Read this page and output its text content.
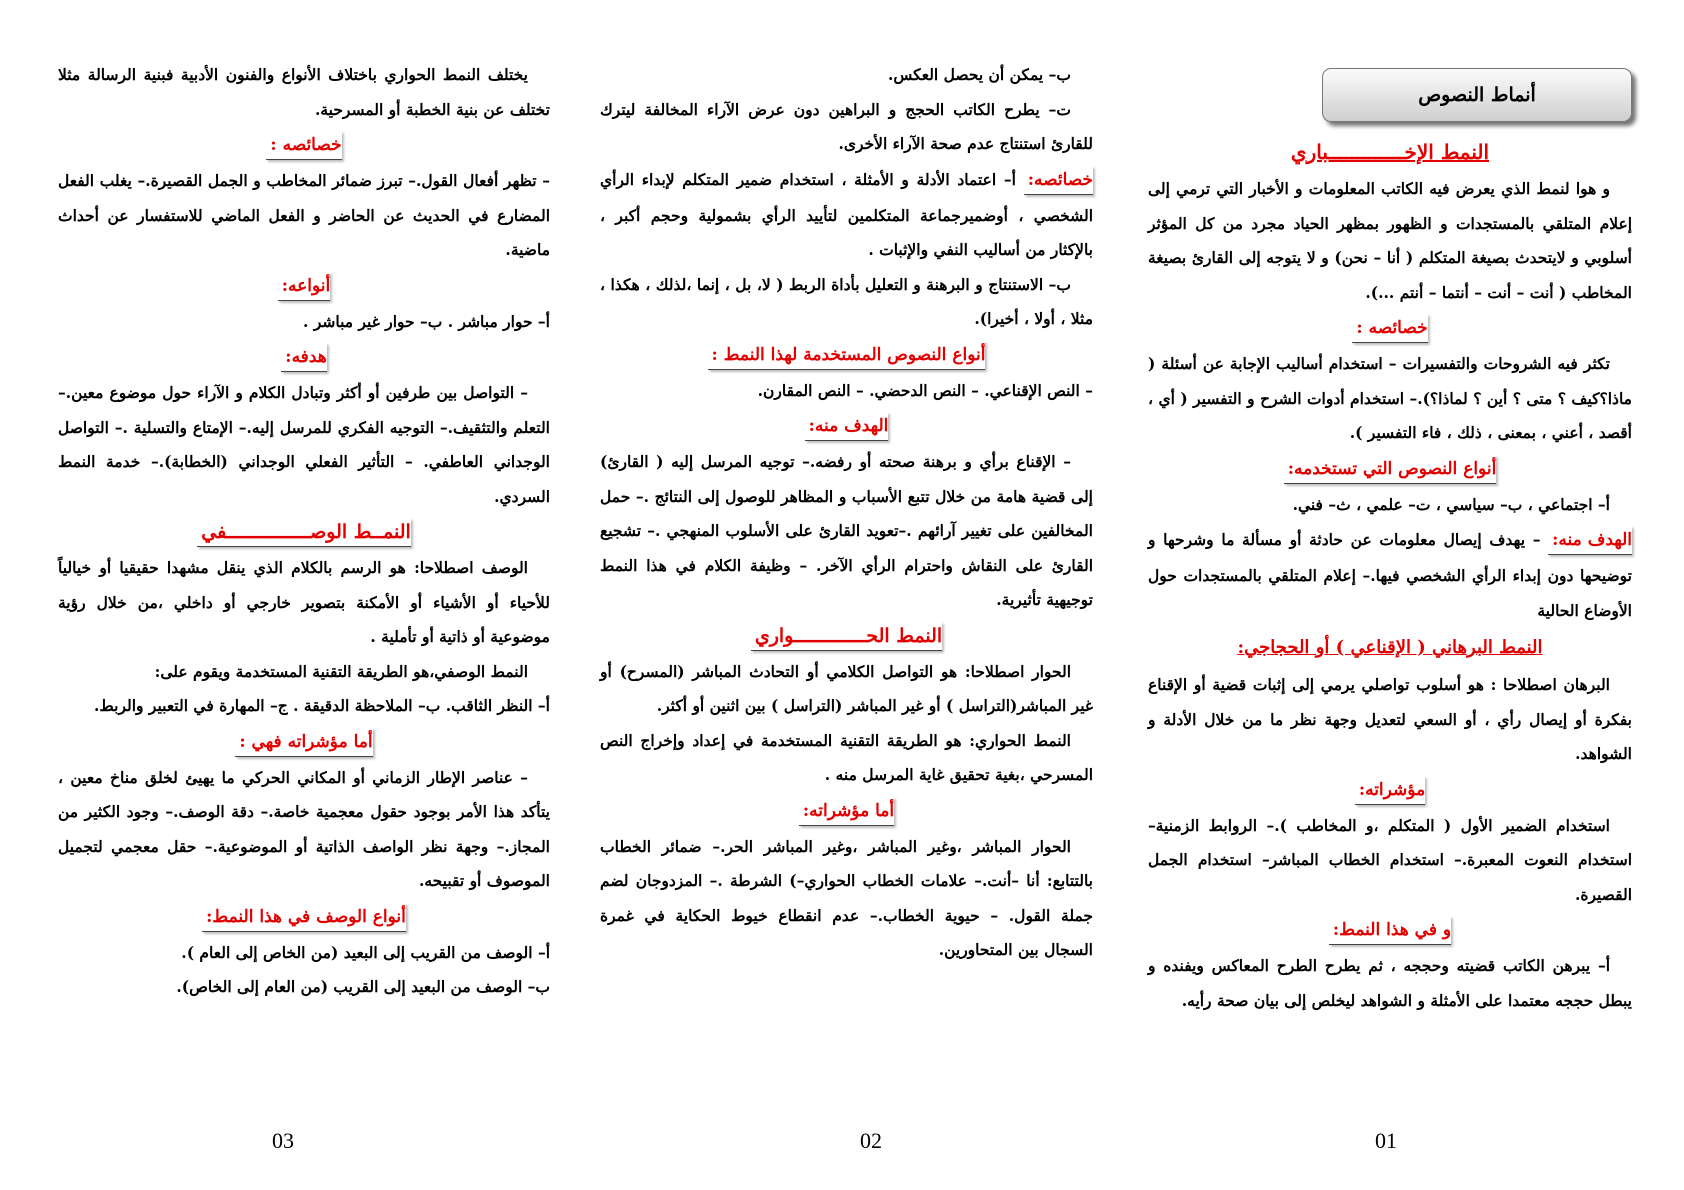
أنماط النصوص
النمط الإخـــــــــــــباري

و هوا لنمط الذي يعرض فيه الكاتب المعلومات و الأخبار التي ترمي إلى إعلام المتلقي بالمستجدات و الظهور بمظهر الحياد مجرد من كل المؤثر أسلوبي و لايتحدث بصيغة المتكلم ( أنا – نحن) و لا يتوجه إلى القارئ بصيغة المخاطب ( أنت – أنت – أنتما – أنتم ...).

خصائصه :

تكثر فيه الشروحات والتفسيرات – استخدام أساليب الإجابة عن أسئلة ( ماذا؟كيف ؟ متى ؟ أين ؟ لماذا؟).– استخدام أدوات الشرح و التفسير ( أي ، أقصد ، أعني ، بمعنى ، ذلك ، فاء التفسير ).

أنواع النصوص التي تستخدمه:

أ– اجتماعي ، ب– سياسي ، ت– علمي ، ث– فني.

الهدف منه: – يهدف إيصال معلومات عن حادثة أو مسألة ما وشرحها و توضيحها دون إبداء الرأي الشخصي فيها.– إعلام المتلقي بالمستجدات حول الأوضاع الحالية

النمط البرهاني ( الإقناعي ) أو الحجاجي:

البرهان اصطلاحا : هو أسلوب تواصلي يرمي إلى إثبات قضية أو الإقناع بفكرة أو إيصال رأي ، أو السعي لتعديل وجهة نظر ما من خلال الأدلة و الشواهد.

مؤشراته:

استخدام الضمير الأول ( المتكلم ،و المخاطب ).– الروابط الزمنية– استخدام النعوت المعبرة.– استخدام الخطاب المباشر– استخدام الجمل القصيرة.

و في هذا النمط:

أ– يبرهن الكاتب قضيته وحججه ، ثم يطرح الطرح المعاكس ويفنده و يبطل حججه معتمدا على الأمثلة و الشواهد ليخلص إلى بيان صحة رأيه.

01

ب– يمكن أن يحصل العكس.

ت– يطرح الكاتب الحجج و البراهين دون عرض الآراء المخالفة ليترك للقارئ استنتاج عدم صحة الآراء الأخرى.

خصائصه: أ– اعتماد الأدلة و الأمثلة ، استخدام ضمير المتكلم لإبداء الرأي الشخصي ، أوضميرجماعة المتكلمين لتأييد الرأي بشمولية وحجم أكبر ، بالإكثار من أساليب النفي والإثبات .

ب– الاستنتاج و البرهنة و التعليل بأداة الربط ( لا، بل ، إنما ،لذلك ، هكذا ، مثلا ، أولا ، أخيرا).

أنواع النصوص المستخدمة لهذا النمط :

– النص الإقناعي. – النص الدحضي. – النص المقارن.

الهدف منه:

– الإقناع برأي و برهنة صحته أو رفضه.– توجيه المرسل إليه ( القارئ) إلى قضية هامة من خلال تتبع الأسباب و المظاهر للوصول إلى النتائج .– حمل المخالفين على تغيير آرائهم .–تعويد القارئ على الأسلوب المنهجي .– تشجيع القارئ على النقاش واحترام الرأي الآخر. – وظيفة الكلام في هذا النمط توجيهية تأثيرية.

النمط الحـــــــــــــواري

الحوار اصطلاحا: هو التواصل الكلامي أو التحادث المباشر (المسرح) أو غير المباشر(التراسل ) أو غير المباشر (التراسل ) بين اثنين أو أكثر.

النمط الحواري: هو الطريقة التقنية المستخدمة في إعداد وإخراج النص المسرحي ،بغية تحقيق غاية المرسل منه .

أما مؤشراته:

الحوار المباشر ،وغير المباشر ،وغير المباشر الحر.– ضمائر الخطاب بالتتابع: أنا –أنت.– علامات الخطاب الحواري–) الشرطة .– المزدوجان لضم جملة القول. – حيوية الخطاب.– عدم انقطاع خيوط الحكاية في غمرة السجال بين المتحاورين.

02

يختلف النمط الحواري باختلاف الأنواع والفنون الأدبية فبنية الرسالة مثلا تختلف عن بنية الخطبة أو المسرحية.

خصائصه :

– تظهر أفعال القول.– تبرز ضمائر المخاطب و الجمل القصيرة.– يغلب الفعل المضارع في الحديث عن الحاضر و الفعل الماضي للاستفسار عن أحداث ماضية.

أنواعه:

أ– حوار مباشر . ب– حوار غير مباشر .

هدفه:

– التواصل بين طرفين أو أكثر وتبادل الكلام و الآراء حول موضوع معين.– التعلم والتثقيف.– التوجيه الفكري للمرسل إليه.– الإمتاع والتسلية .– التواصل الوجداني العاطفي. – التأثير الفعلي الوجداني (الخطابة).– خدمة النمط السردي.

النمــط الوصـــــــــــــــفي

الوصف اصطلاحا: هو الرسم بالكلام الذي ينقل مشهدا حقيقيا أو خيالياً للأحياء أو الأشياء أو الأمكنة بتصوير خارجي أو داخلي ،من خلال رؤية موضوعية أو ذاتية أو تأملية .

النمط الوصفي،هو الطريقة التقنية المستخدمة ويقوم على:

أ– النظر الثاقب. ب– الملاحظة الدقيقة . ج– المهارة في التعبير والربط.

أما مؤشراته فهي :

– عناصر الإطار الزماني أو المكاني الحركي ما يهيئ لخلق مناخ معين ، يتأكد هذا الأمر بوجود حقول معجمية خاصة.– دقة الوصف.– وجود الكثير من المجاز.– وجهة نظر الواصف الذاتية أو الموضوعية.– حقل معجمي لتجميل الموصوف أو تقبيحه.

أنواع الوصف في هذا النمط:

أ– الوصف من القريب إلى البعيد (من الخاص إلى العام ).

ب– الوصف من البعيد إلى القريب (من العام إلى الخاص).

03
